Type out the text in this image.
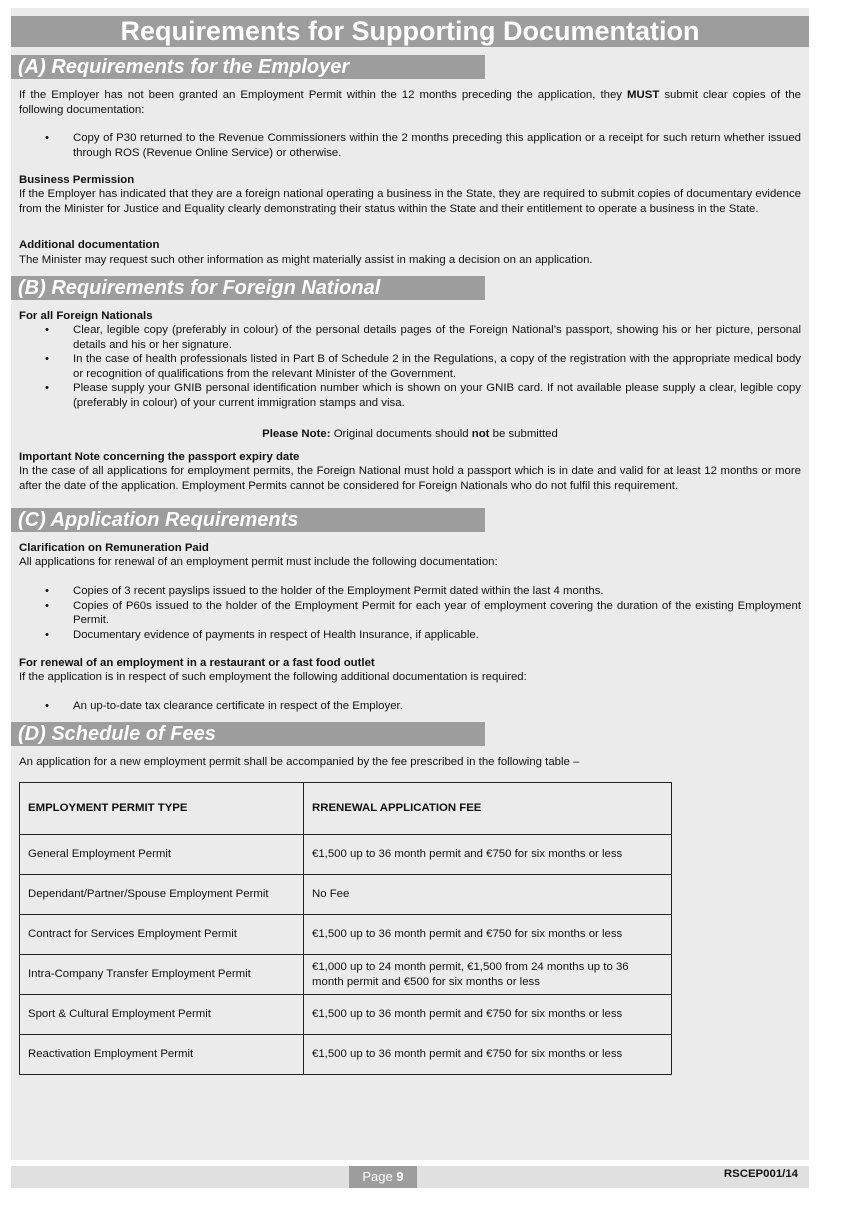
Requirements for Supporting Documentation
(A) Requirements for the Employer
If the Employer has not been granted an Employment Permit within the 12 months preceding the application, they MUST submit clear copies of the following documentation:
• Copy of P30 returned to the Revenue Commissioners within the 2 months preceding this application or a receipt for such return whether issued through ROS (Revenue Online Service) or otherwise.
Business Permission
If the Employer has indicated that they are a foreign national operating a business in the State, they are required to submit copies of documentary evidence from the Minister for Justice and Equality clearly demonstrating their status within the State and their entitlement to operate a business in the State.
Additional documentation
The Minister may request such other information as might materially assist in making a decision on an application.
(B) Requirements for Foreign National
For all Foreign Nationals
• Clear, legible copy (preferably in colour) of the personal details pages of the Foreign National’s passport, showing his or her picture, personal details and his or her signature.
• In the case of health professionals listed in Part B of Schedule 2 in the Regulations, a copy of the registration with the appropriate medical body or recognition of qualifications from the relevant Minister of the Government.
• Please supply your GNIB personal identification number which is shown on your GNIB card. If not available please supply a clear, legible copy (preferably in colour) of your current immigration stamps and visa.
Please Note: Original documents should not be submitted
Important Note concerning the passport expiry date
In the case of all applications for employment permits, the Foreign National must hold a passport which is in date and valid for at least 12 months or more after the date of the application. Employment Permits cannot be considered for Foreign Nationals who do not fulfil this requirement.
(C) Application Requirements
Clarification on Remuneration Paid
All applications for renewal of an employment permit must include the following documentation:
• Copies of 3 recent payslips issued to the holder of the Employment Permit dated within the last 4 months.
• Copies of P60s issued to the holder of the Employment Permit for each year of employment covering the duration of the existing Employment Permit.
• Documentary evidence of payments in respect of Health Insurance, if applicable.
For renewal of an employment in a restaurant or a fast food outlet
If the application is in respect of such employment the following additional documentation is required:
• An up-to-date tax clearance certificate in respect of the Employer.
(D) Schedule of Fees
An application for a new employment permit shall be accompanied by the fee prescribed in the following table –
EMPLOYMENT PERMIT TYPE	RRENEWAL APPLICATION FEE
General Employment Permit	€1,500 up to 36 month permit and €750 for six months or less
Dependant/Partner/Spouse Employment Permit	No Fee
Contract for Services Employment Permit	€1,500 up to 36 month permit and €750 for six months or less
Intra-Company Transfer Employment Permit	€1,000 up to 24 month permit, €1,500 from 24 months up to 36 month permit and €500 for six months or less
Sport & Cultural Employment Permit	€1,500 up to 36 month permit and €750 for six months or less
Reactivation Employment Permit	€1,500 up to 36 month permit and €750 for six months or less
Page 9	RSCEP001/14
